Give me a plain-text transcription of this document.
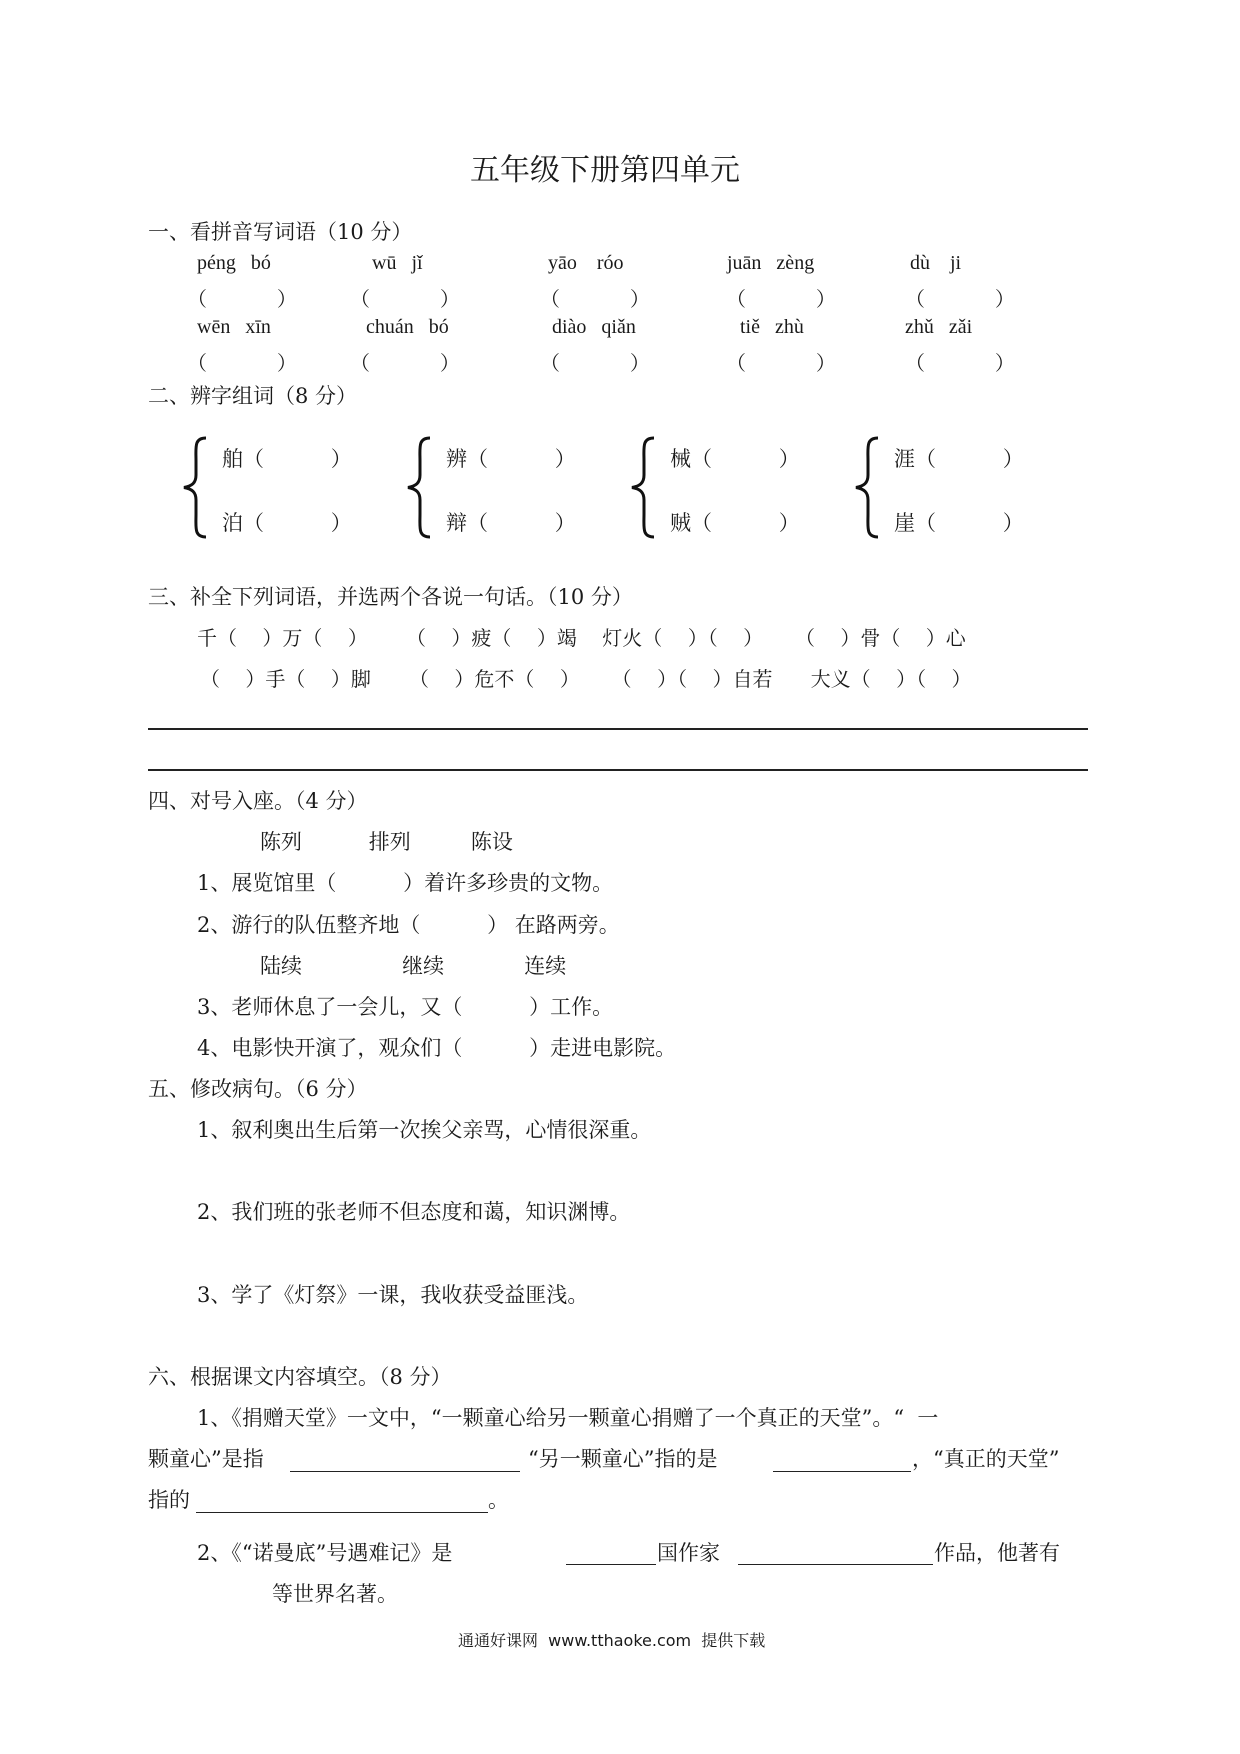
五年级下册第四单元
一、看拼音写词语（10 分）
péng   bó	wū   jǐ	yāo    róo	juān   zèng	dù    ji
（           ）	（           ）	（           ）	（           ）	（           ）
wēn   xīn	chuán   bó	diào   qiǎn	tiě   zhù	zhǔ   zǎi
（           ）	（           ）	（           ）	（           ）	（           ）
二、辨字组词（8 分）
舶（          ）
泊（          ）
辨（          ）
辩（          ）
械（          ）
贼（          ）
涯（          ）
崖（          ）
三、补全下列词语，并选两个各说一句话。（10 分）
千（    ）万（    ）      （    ）疲（    ）竭    灯火（    ）（    ）     （    ）骨（    ）心
（    ）手（    ）脚      （    ）危不（    ）     （    ）（    ）自若      大义（    ）（    ）
四、对号入座。（4 分）
陈列          排列         陈设
1、展览馆里（          ）着许多珍贵的文物。
2、游行的队伍整齐地（          ） 在路两旁。
陆续               继续            连续
3、老师休息了一会儿，又（          ）工作。
4、电影快开演了，观众们（          ）走进电影院。
五、修改病句。（6 分）
1、叙利奥出生后第一次挨父亲骂，心情很深重。
2、我们班的张老师不但态度和蔼，知识渊博。
3、学了《灯祭》一课，我收获受益匪浅。
六、根据课文内容填空。（8 分）
1、《捐赠天堂》一文中，“一颗童心给另一颗童心捐赠了一个真正的天堂”。“  一
颗童心”是指	“另一颗童心”指的是	，“真正的天堂”
指的	。
2、《“诺曼底”号遇难记》是	国作家	作品，他著有
等世界名著。
通通好课网  www.tthaoke.com  提供下载
